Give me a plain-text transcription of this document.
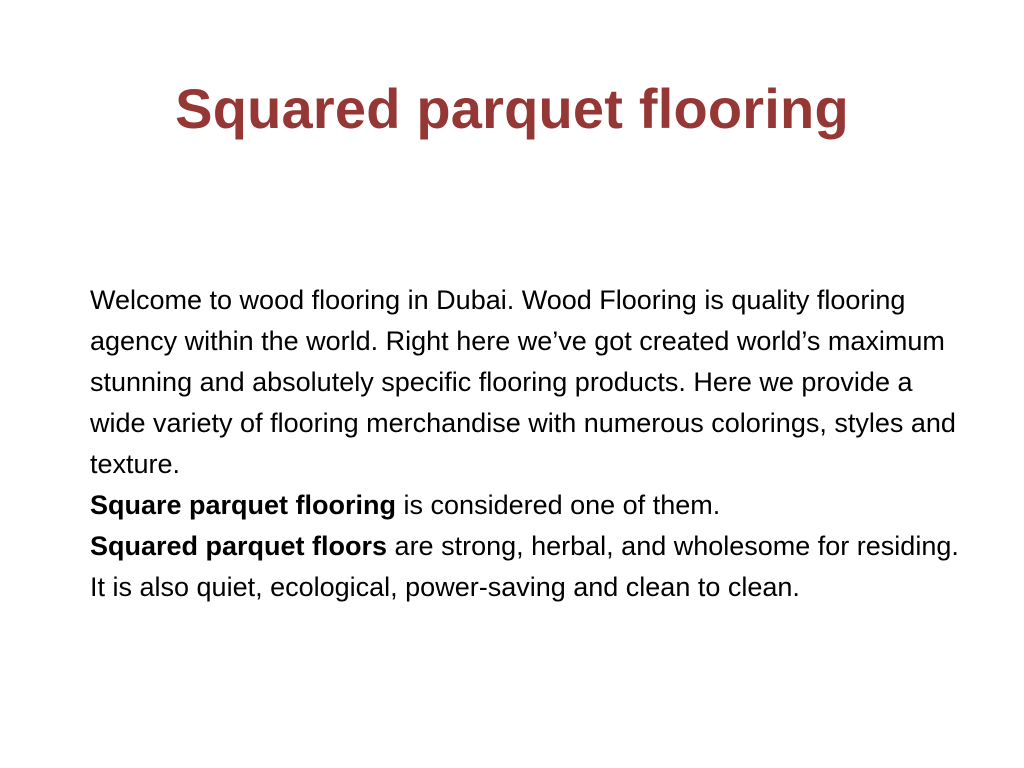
Squared parquet flooring

Welcome to wood flooring in Dubai. Wood Flooring is quality flooring agency within the world. Right here we’ve got created world’s maximum stunning and absolutely specific flooring products. Here we provide a wide variety of flooring merchandise with numerous colorings, styles and texture.

Square parquet flooring is considered one of them.

Squared parquet floors are strong, herbal, and wholesome for residing.

It is also quiet, ecological, power-saving and clean to clean.
